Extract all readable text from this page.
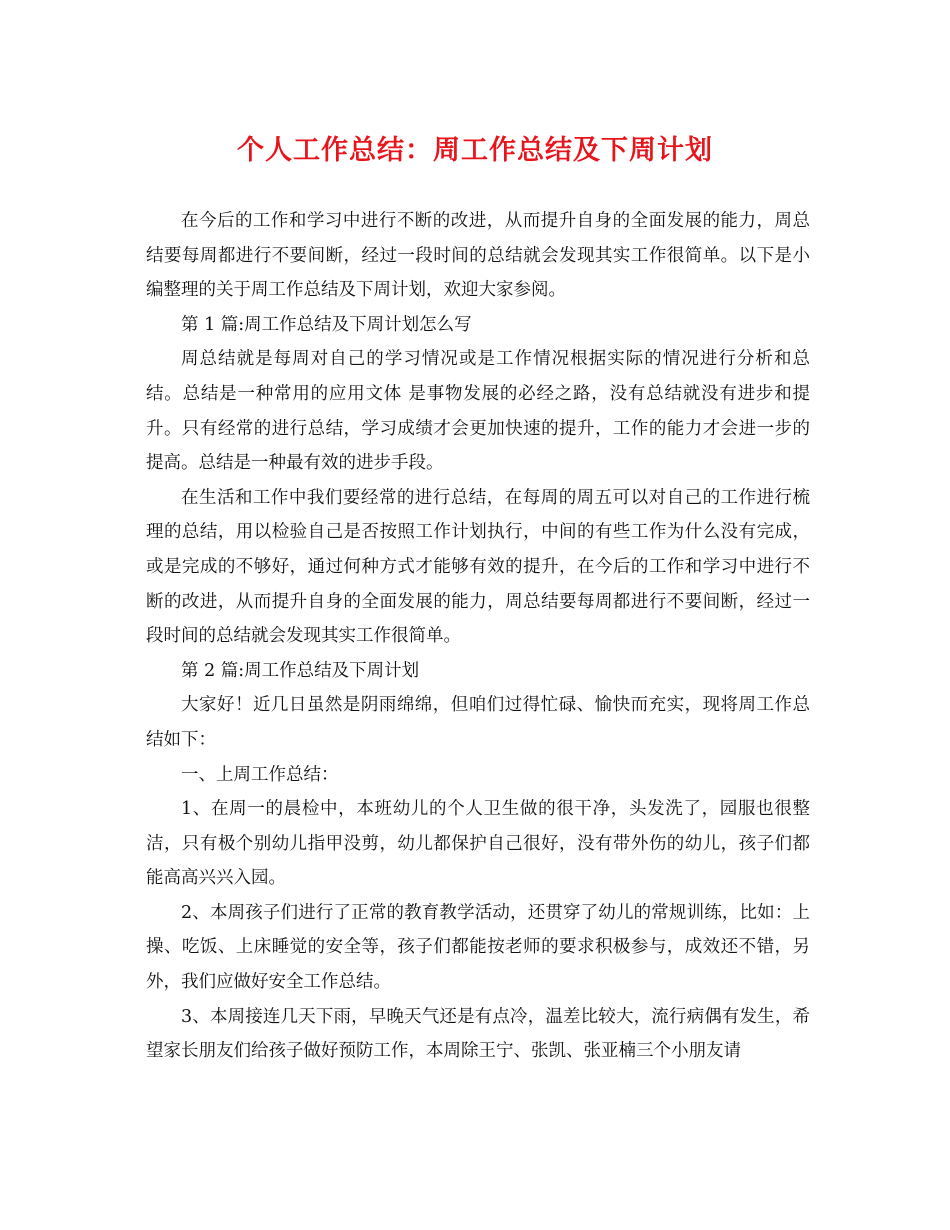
个人工作总结：周工作总结及下周计划

在今后的工作和学习中进行不断的改进，从而提升自身的全面发展的能力，周总结要每周都进行不要间断，经过一段时间的总结就会发现其实工作很简单。以下是小编整理的关于周工作总结及下周计划，欢迎大家参阅。

第 1 篇:周工作总结及下周计划怎么写

周总结就是每周对自己的学习情况或是工作情况根据实际的情况进行分析和总结。总结是一种常用的应用文体 是事物发展的必经之路，没有总结就没有进步和提升。只有经常的进行总结，学习成绩才会更加快速的提升，工作的能力才会进一步的提高。总结是一种最有效的进步手段。

在生活和工作中我们要经常的进行总结，在每周的周五可以对自己的工作进行梳理的总结，用以检验自己是否按照工作计划执行，中间的有些工作为什么没有完成，或是完成的不够好，通过何种方式才能够有效的提升，在今后的工作和学习中进行不断的改进，从而提升自身的全面发展的能力，周总结要每周都进行不要间断，经过一段时间的总结就会发现其实工作很简单。

第 2 篇:周工作总结及下周计划

大家好！近几日虽然是阴雨绵绵，但咱们过得忙碌、愉快而充实，现将周工作总结如下：

一、上周工作总结：

1、在周一的晨检中，本班幼儿的个人卫生做的很干净，头发洗了，园服也很整洁，只有极个别幼儿指甲没剪，幼儿都保护自己很好，没有带外伤的幼儿，孩子们都能高高兴兴入园。

2、本周孩子们进行了正常的教育教学活动，还贯穿了幼儿的常规训练，比如：上操、吃饭、上床睡觉的安全等，孩子们都能按老师的要求积极参与，成效还不错，另外，我们应做好安全工作总结。

3、本周接连几天下雨，早晚天气还是有点冷，温差比较大，流行病偶有发生，希望家长朋友们给孩子做好预防工作，本周除王宁、张凯、张亚楠三个小朋友请
